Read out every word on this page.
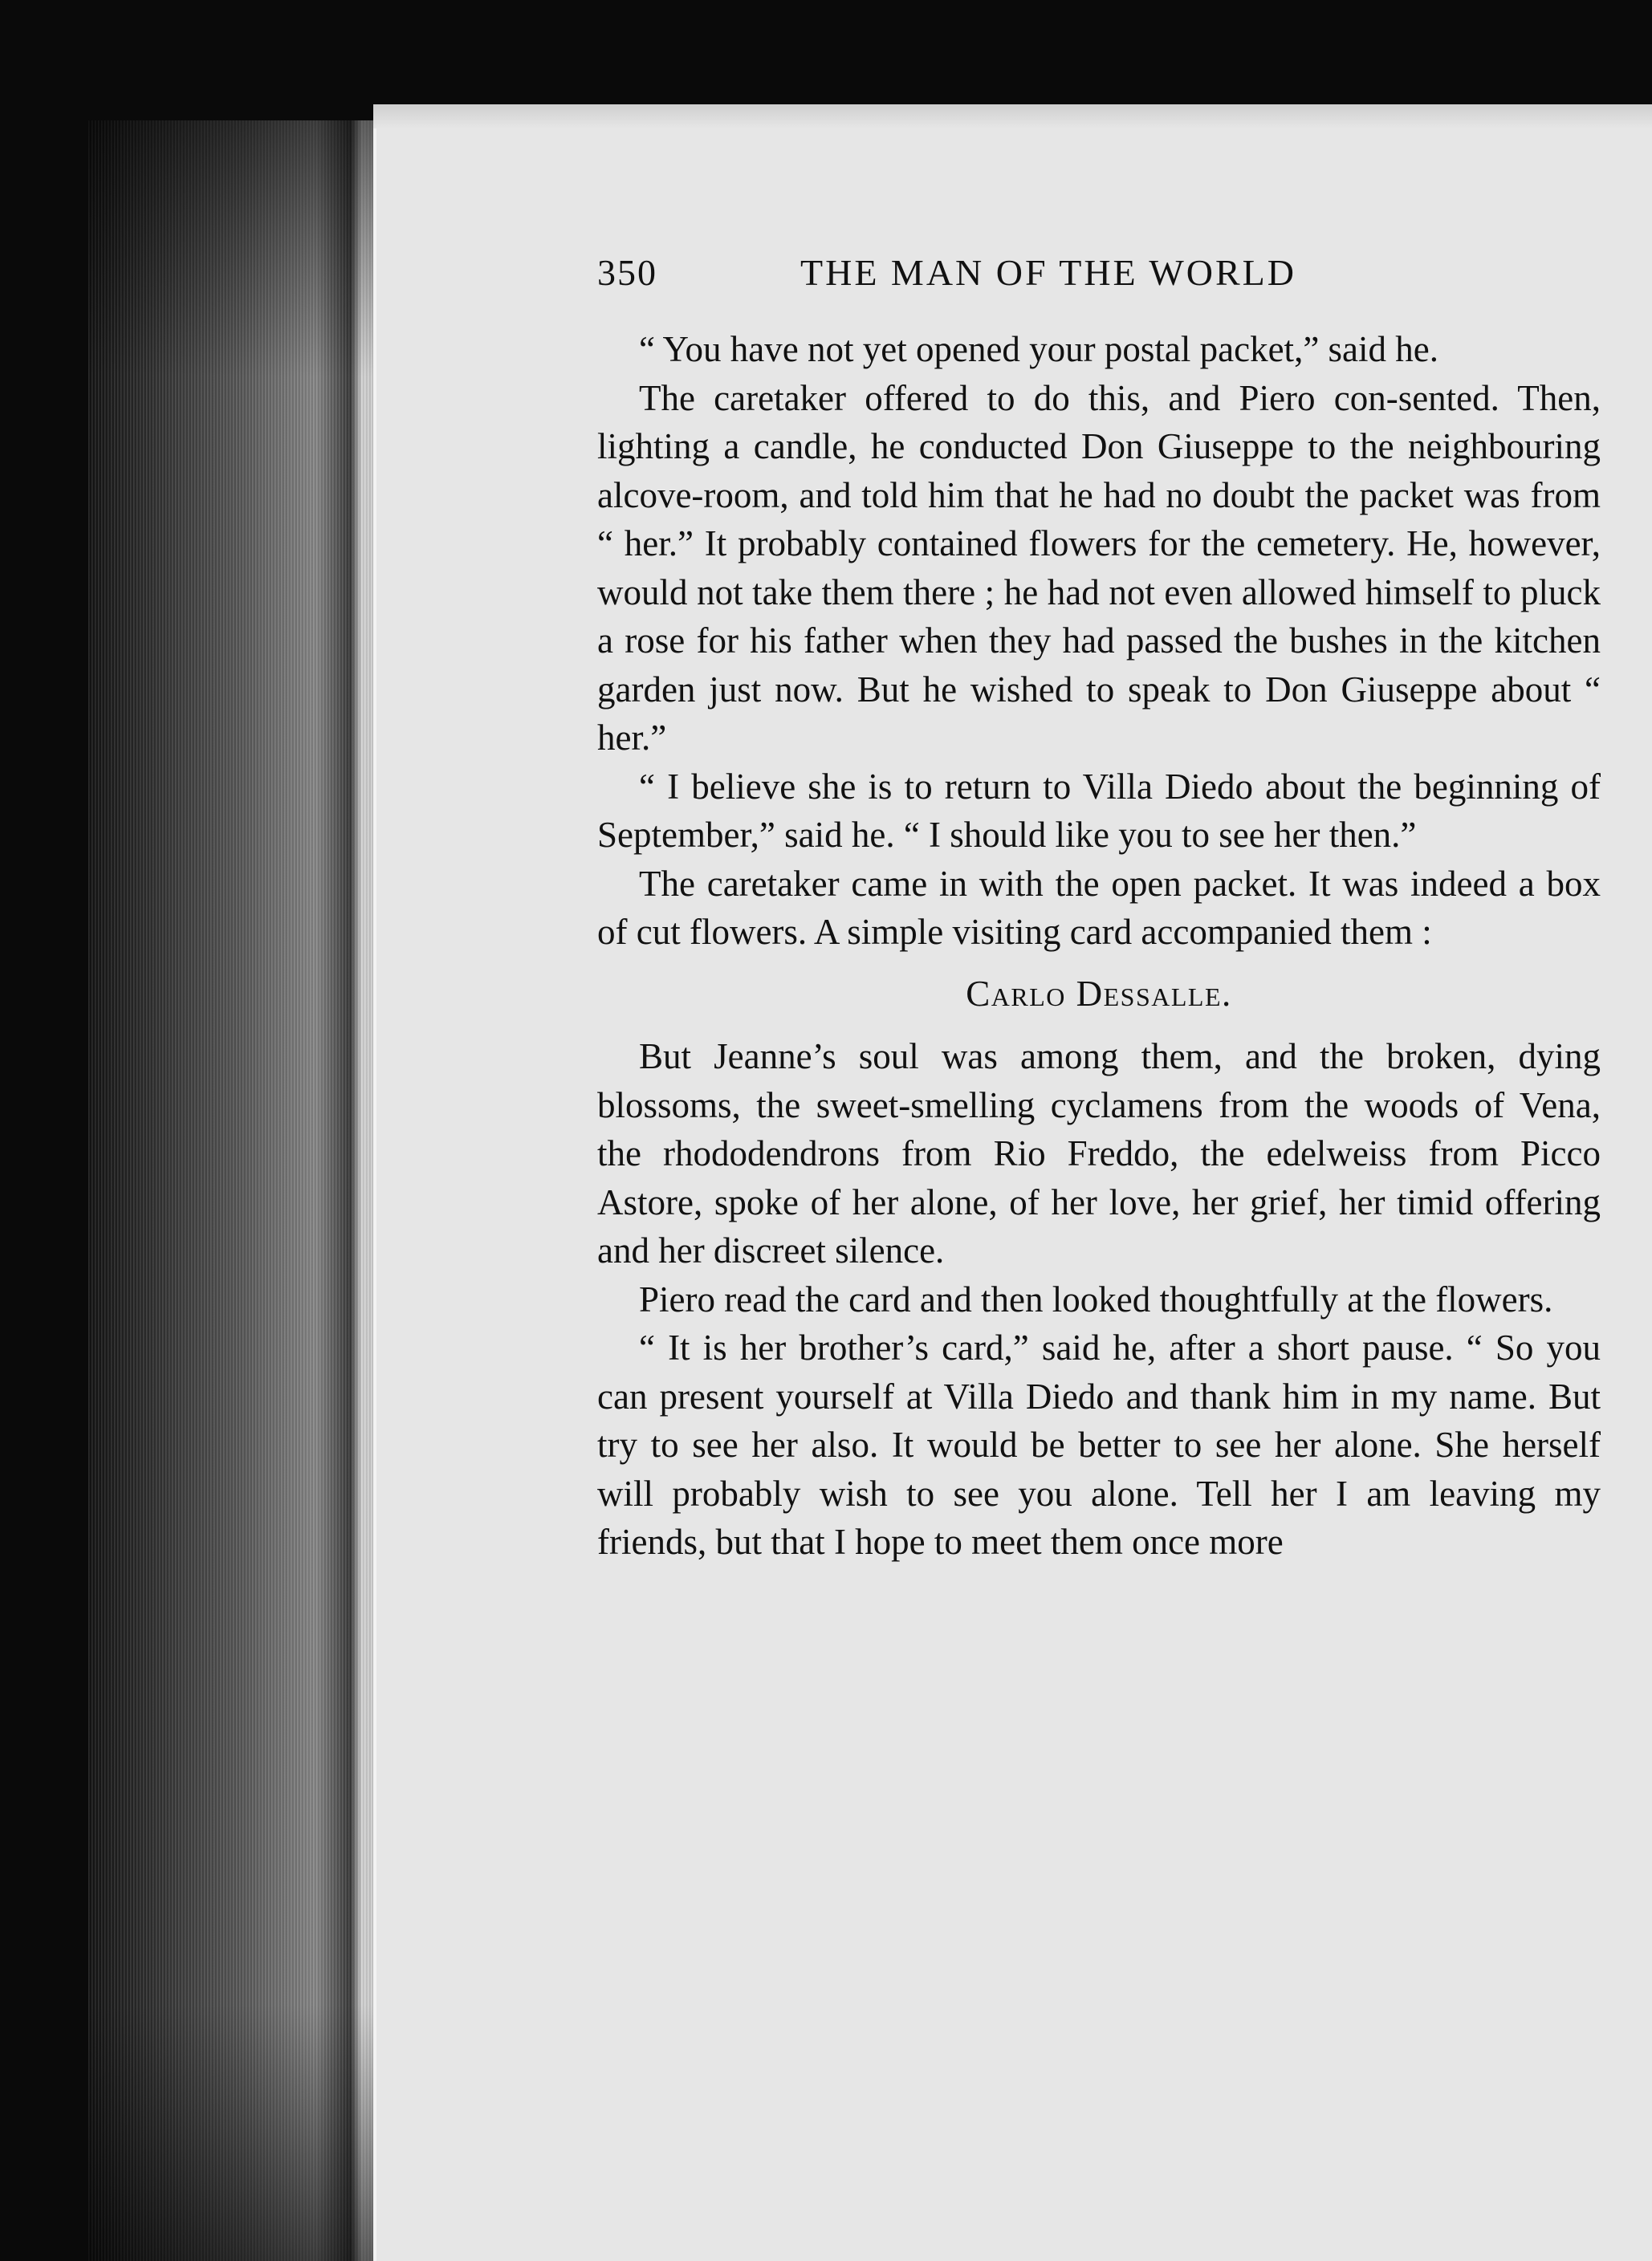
350	THE MAN OF THE WORLD

“ You have not yet opened your postal packet,” said he.

The caretaker offered to do this, and Piero con-sented. Then, lighting a candle, he conducted Don Giuseppe to the neighbouring alcove-room, and told him that he had no doubt the packet was from “ her.” It probably contained flowers for the cemetery. He, however, would not take them there ; he had not even allowed himself to pluck a rose for his father when they had passed the bushes in the kitchen garden just now. But he wished to speak to Don Giuseppe about “ her.”

“ I believe she is to return to Villa Diedo about the beginning of September,” said he. “ I should like you to see her then.”

The caretaker came in with the open packet. It was indeed a box of cut flowers. A simple visiting card accompanied them :

Carlo Dessalle.

But Jeanne’s soul was among them, and the broken, dying blossoms, the sweet-smelling cyclamens from the woods of Vena, the rhododendrons from Rio Freddo, the edelweiss from Picco Astore, spoke of her alone, of her love, her grief, her timid offering and her discreet silence.

Piero read the card and then looked thoughtfully at the flowers.

“ It is her brother’s card,” said he, after a short pause. “ So you can present yourself at Villa Diedo and thank him in my name. But try to see her also. It would be better to see her alone. She herself will probably wish to see you alone. Tell her I am leaving my friends, but that I hope to meet them once more
